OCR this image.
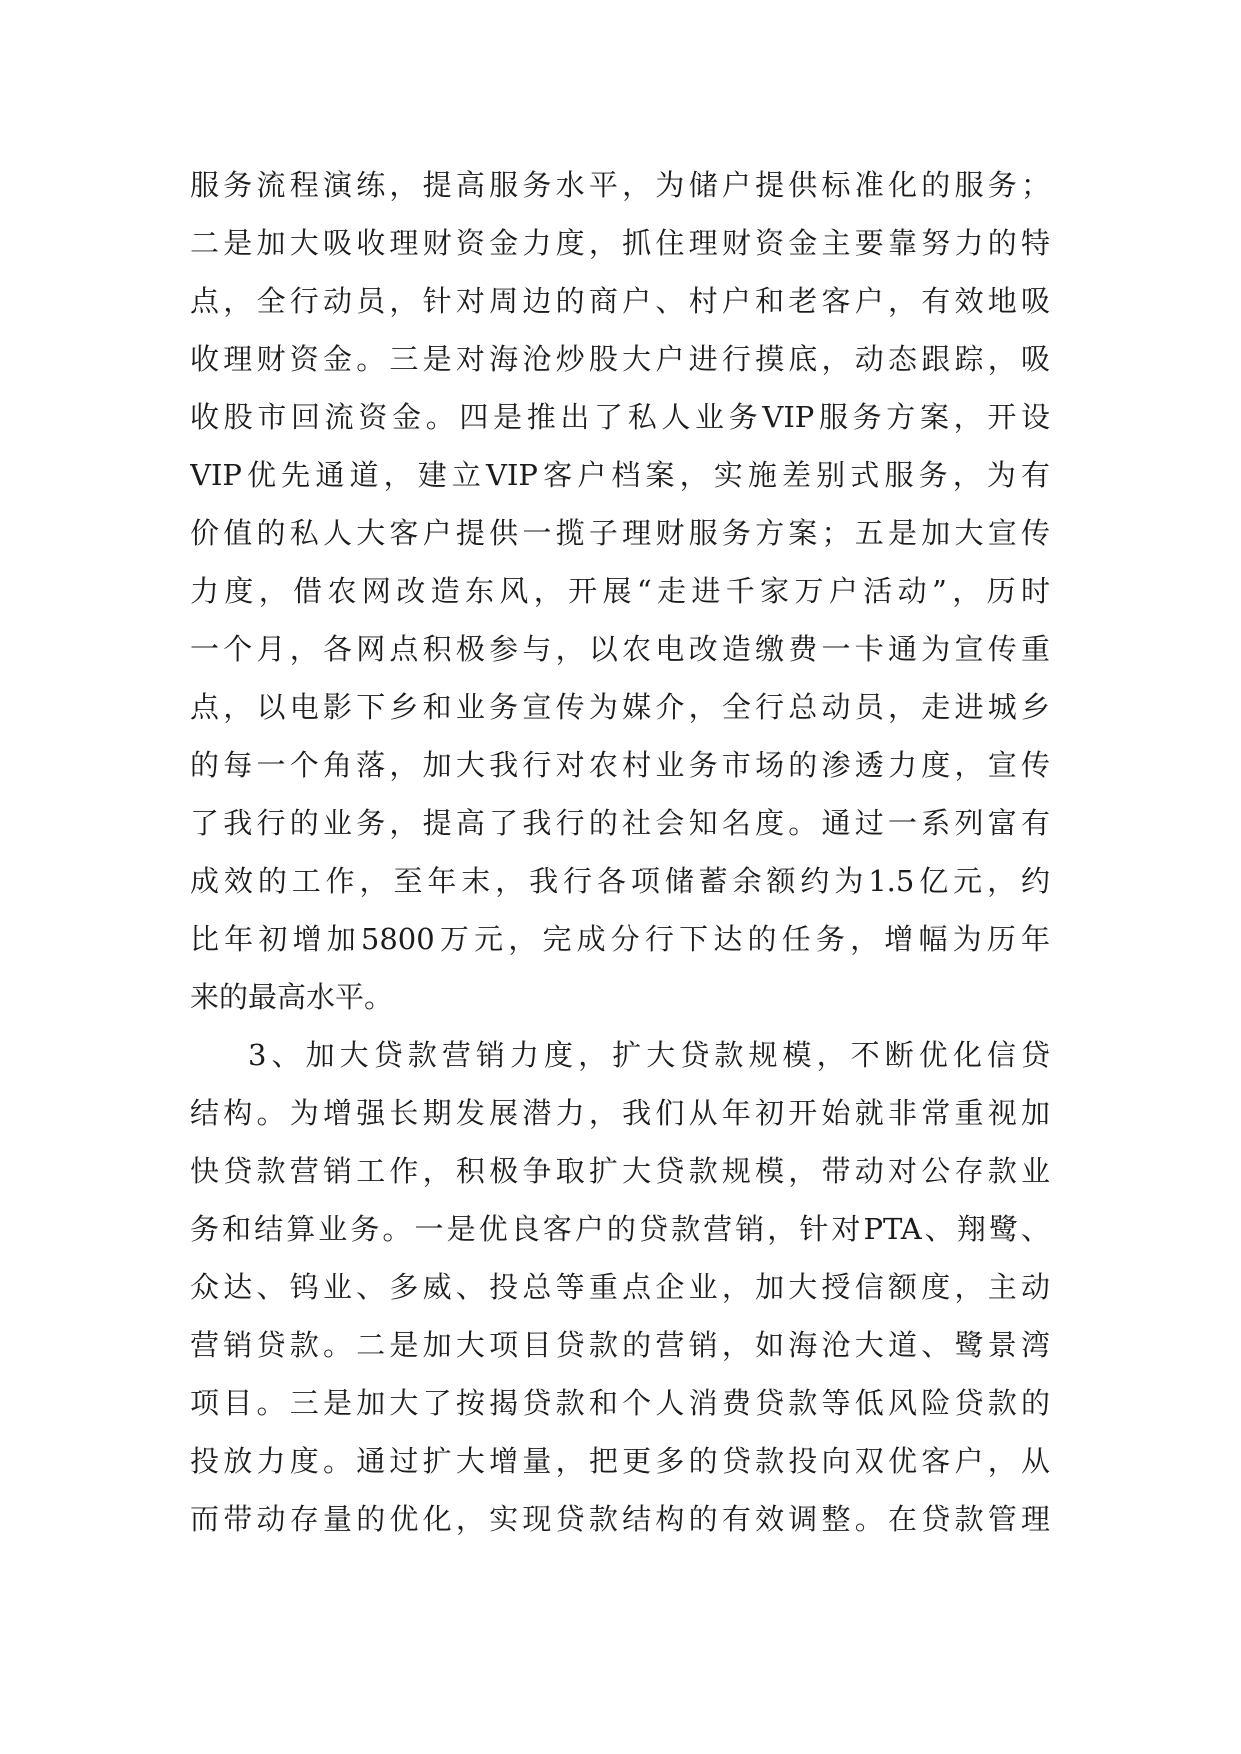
服务流程演练，提高服务水平，为储户提供标准化的服务；
二是加大吸收理财资金力度，抓住理财资金主要靠努力的特
点，全行动员，针对周边的商户、村户和老客户，有效地吸
收理财资金。三是对海沧炒股大户进行摸底，动态跟踪，吸
收股市回流资金。四是推出了私人业务VIP服务方案，开设
VIP优先通道，建立VIP客户档案，实施差别式服务，为有
价值的私人大客户提供一揽子理财服务方案；五是加大宣传
力度，借农网改造东风，开展“走进千家万户活动”，历时
一个月，各网点积极参与，以农电改造缴费一卡通为宣传重
点，以电影下乡和业务宣传为媒介，全行总动员，走进城乡
的每一个角落，加大我行对农村业务市场的渗透力度，宣传
了我行的业务，提高了我行的社会知名度。通过一系列富有
成效的工作，至年末，我行各项储蓄余额约为1.5亿元，约
比年初增加5800万元，完成分行下达的任务，增幅为历年
来的最高水平。
3、加大贷款营销力度，扩大贷款规模，不断优化信贷
结构。为增强长期发展潜力，我们从年初开始就非常重视加
快贷款营销工作，积极争取扩大贷款规模，带动对公存款业
务和结算业务。一是优良客户的贷款营销，针对PTA、翔鹭、
众达、钨业、多威、投总等重点企业，加大授信额度，主动
营销贷款。二是加大项目贷款的营销，如海沧大道、鹭景湾
项目。三是加大了按揭贷款和个人消费贷款等低风险贷款的
投放力度。通过扩大增量，把更多的贷款投向双优客户，从
而带动存量的优化，实现贷款结构的有效调整。在贷款管理
